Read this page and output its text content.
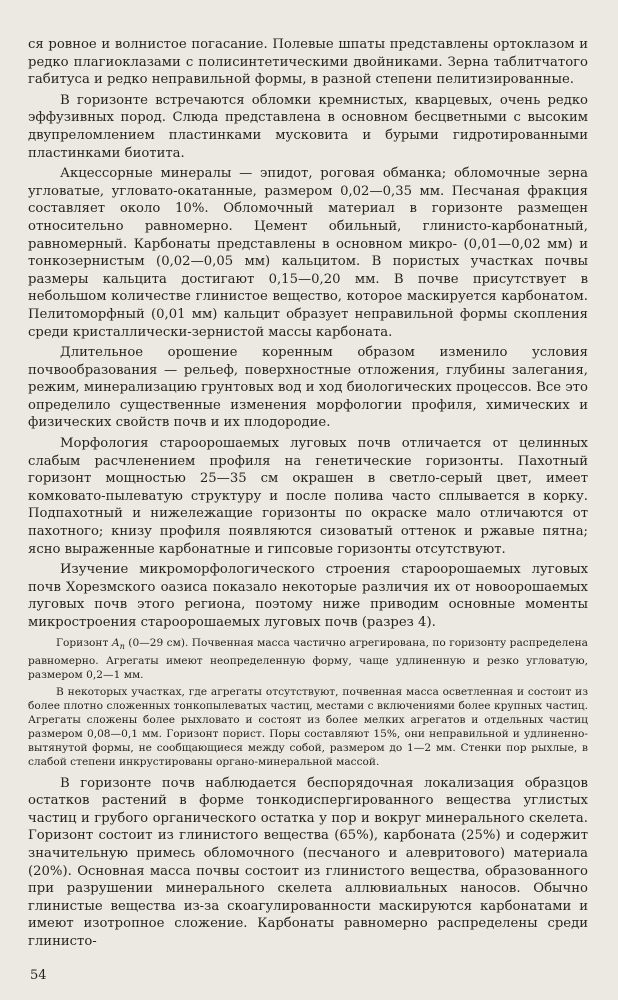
ся ровное и волнистое погасание. Полевые шпаты представлены ортоклазом и редко плагиоклазами с полисинтетическими двойниками. Зерна таблитчатого габитуса и редко неправильной формы, в разной степени пелитизированные.

В горизонте встречаются обломки кремнистых, кварцевых, очень редко эффузивных пород. Слюда представлена в основном бесцветными с высоким двупреломлением пластинками мусковита и бурыми гидрoтированными пластинками биотита.

Акцессорные минералы — эпидот, роговая обманка; обломочные зерна угловатые, угловато-окатанные, размером 0,02—0,35 мм. Песчаная фракция составляет около 10%. Обломочный материал в горизонте размещен относительно равномерно. Цемент обильный, глинисто-карбонатный, равномерный. Карбонаты представлены в основном микро- (0,01—0,02 мм) и тонкозернистым (0,02—0,05 мм) кальцитом. В пористых участках почвы размеры кальцита достигают 0,15—0,20 мм. В почве присутствует в небольшом количестве глинистое вещество, которое маскируется карбонатом. Пелитоморфный (0,01 мм) кальцит образует неправильной формы скопления среди кристаллически-зернистой массы карбоната.

Длительное орошение коренным образом изменило условия почвообразования — рельеф, поверхностные отложения, глубины залегания, режим, минерализацию грунтовых вод и ход биологических процессов. Все это определило существенные изменения морфологии профиля, химических и физических свойств почв и их плодородие.

Морфология староорошаемых луговых почв отличается от целинных слабым расчленением профиля на генетические горизонты. Пахотный горизонт мощностью 25—35 см окрашен в светло-серый цвет, имеет комковато-пылеватую структуру и после полива часто сплывается в корку. Подпахотный и нижележащие горизонты по окраске мало отличаются от пахотного; книзу профиля появляются сизоватый оттенок и ржавые пятна; ясно выраженные карбонатные и гипсовые горизонты отсутствуют.

Изучение микроморфологического строения староорошаемых луговых почв Хорезмского оазиса показало некоторые различия их от новоорошаемых луговых почв этого региона, поэтому ниже приводим основные моменты микростроения староорошаемых луговых почв (разрез 4).

Горизонт $А_п$ (0—29 см). Почвенная масса частично агрегирована, по горизонту распределена равномерно. Агрегаты имеют неопределенную форму, чаще удлиненную и резко угловатую, размером 0,2—1 мм.

В некоторых участках, где агрегаты отсутствуют, почвенная масса осветленная и состоит из более плотно сложенных тонкопылеватых частиц, местами с включениями более крупных частиц. Агрегаты сложены более рыхловато и состоят из более мелких агрегатов и отдельных частиц размером 0,08—0,1 мм. Горизонт порист. Поры составляют 15%, они неправильной и удлиненно-вытянутой формы, не сообщающиеся между собой, размером до 1—2 мм. Стенки пор рыхлые, в слабой степени инкрустированы органо-минеральной массой.

В горизонте почв наблюдается беспорядочная локализация образцов остатков растений в форме тонкодиспергированного вещества углистых частиц и грубого органического остатка у пор и вокруг минерального скелета. Горизонт состоит из глинистого вещества (65%), карбоната (25%) и содержит значительную примесь обломочного (песчаного и алевритового) материала (20%). Основная масса почвы состоит из глинистого вещества, образованного при разрушении минерального скелета аллювиальных наносов. Обычно глинистые вещества из-за скоагулированности маскируются карбонатами и имеют изотропное сложение. Карбонаты равномерно распределены среди глинисто-

54
